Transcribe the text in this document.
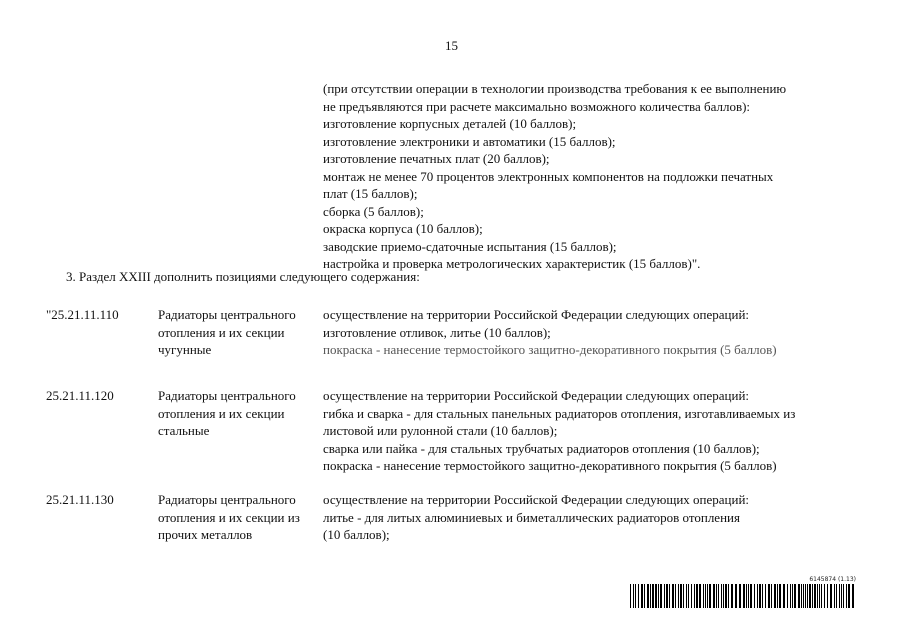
15
(при отсутствии операции в технологии производства требования к ее выполнению
не предъявляются при расчете максимально возможного количества баллов):
изготовление корпусных деталей (10 баллов);
изготовление электроники и автоматики (15 баллов);
изготовление печатных плат (20 баллов);
монтаж не менее 70 процентов электронных компонентов на подложки печатных
плат (15 баллов);
сборка (5 баллов);
окраска корпуса (10 баллов);
заводские приемо-сдаточные испытания (15 баллов);
настройка и проверка метрологических характеристик (15 баллов)".
3. Раздел XXIII дополнить позициями следующего содержания:
"25.21.11.110	Радиаторы центрального отопления и их секции чугунные
осуществление на территории Российской Федерации следующих операций:
изготовление отливок, литье (10 баллов);
покраска - нанесение термостойкого защитно-декоративного покрытия (5 баллов)
25.21.11.120	Радиаторы центрального отопления и их секции стальные
осуществление на территории Российской Федерации следующих операций:
гибка и сварка - для стальных панельных радиаторов отопления, изготавливаемых из
листовой или рулонной стали (10 баллов);
сварка или пайка - для стальных трубчатых радиаторов отопления (10 баллов);
покраска - нанесение термостойкого защитно-декоративного покрытия (5 баллов)
25.21.11.130	Радиаторы центрального отопления и их секции из прочих металлов
осуществление на территории Российской Федерации следующих операций:
литье - для литых алюминиевых и биметаллических радиаторов отопления
(10 баллов);
6145874 (1.13)
